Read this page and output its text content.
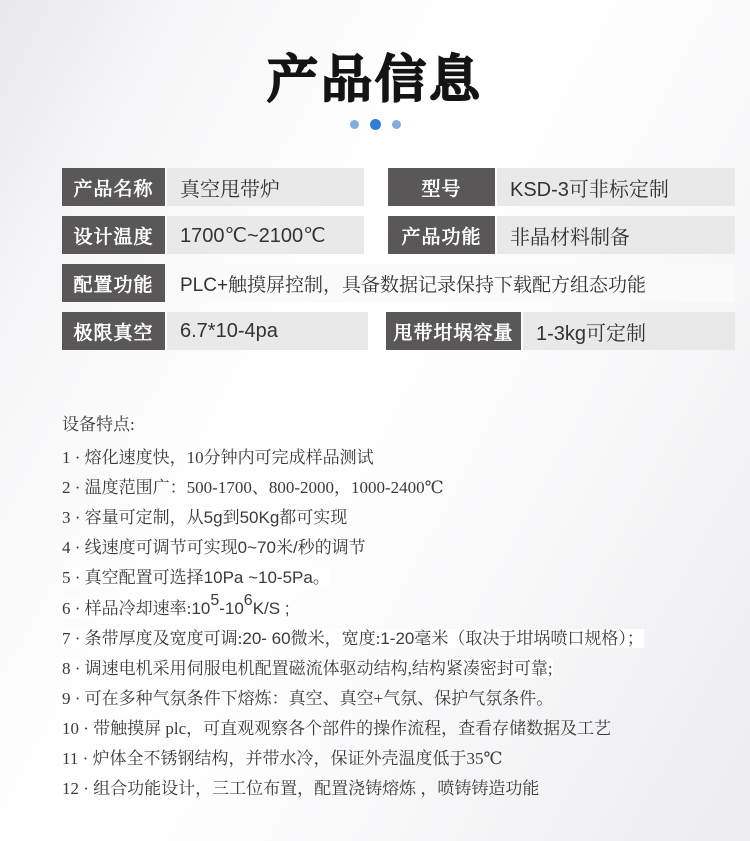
产品信息
产品名称	真空甩带炉	型号	KSD-3可非标定制
设计温度	1700℃~2100℃	产品功能	非晶材料制备
配置功能	PLC+触摸屏控制，具备数据记录保持下载配方组态功能
极限真空	6.7*10-4pa	甩带坩埚容量	1-3kg可定制
设备特点:
1 · 熔化速度快，10分钟内可完成样品测试
2 · 温度范围广：500-1700、800-2000，1000-2400℃
3 · 容量可定制，从5g到50Kg都可实现
4 · 线速度可调节可实现0~70米/秒的调节
5 · 真空配置可选择10Pa ~10-5Pa。
6 · 样品冷却速率:105-106K/S ;
7 · 条带厚度及宽度可调:20- 60微米，宽度:1-20毫米（取决于坩埚喷口规格）；
8 · 调速电机采用伺服电机配置磁流体驱动结构,结构紧凑密封可靠;
9 · 可在多种气氛条件下熔炼：真空、真空+气氛、保护气氛条件。
10 · 带触摸屏 plc，可直观观察各个部件的操作流程，查看存储数据及工艺
11 · 炉体全不锈钢结构，并带水冷，保证外壳温度低于35℃
12 · 组合功能设计，三工位布置，配置浇铸熔炼 ，喷铸铸造功能
